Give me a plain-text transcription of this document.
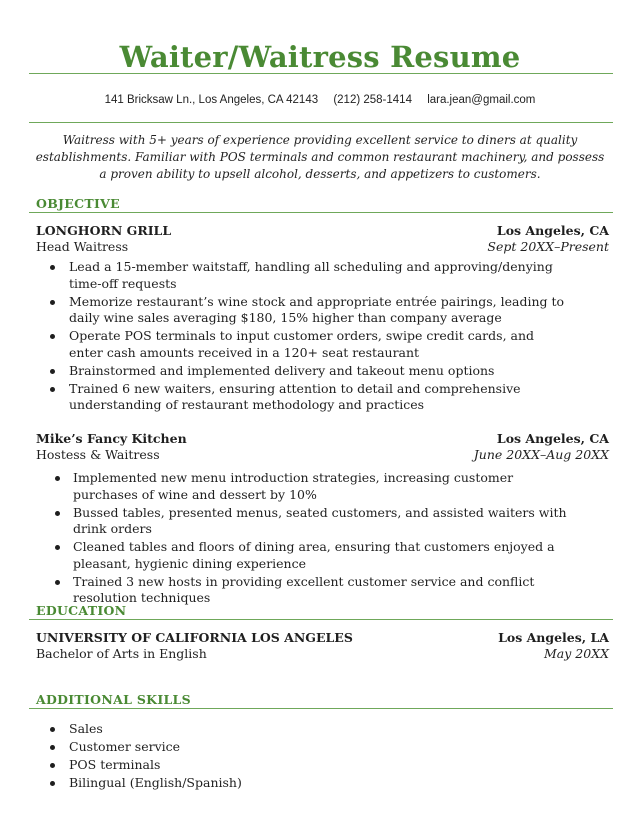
Waiter/Waitress Resume
141 Bricksaw Ln., Los Angeles, CA 42143 (212) 258-1414 lara.jean@gmail.com
Waitress with 5+ years of experience providing excellent service to diners at quality establishments. Familiar with POS terminals and common restaurant machinery, and possess a proven ability to upsell alcohol, desserts, and appetizers to customers.
OBJECTIVE
LONGHORN GRILL	Los Angeles, CA
Head Waitress	Sept 20XX–Present
Lead a 15-member waitstaff, handling all scheduling and approving/denying time-off requests
Memorize restaurant’s wine stock and appropriate entrée pairings, leading to daily wine sales averaging $180, 15% higher than company average
Operate POS terminals to input customer orders, swipe credit cards, and enter cash amounts received in a 120+ seat restaurant
Brainstormed and implemented delivery and takeout menu options
Trained 6 new waiters, ensuring attention to detail and comprehensive understanding of restaurant methodology and practices
Mike’s Fancy Kitchen	Los Angeles, CA
Hostess & Waitress	June 20XX–Aug 20XX
Implemented new menu introduction strategies, increasing customer purchases of wine and dessert by 10%
Bussed tables, presented menus, seated customers, and assisted waiters with drink orders
Cleaned tables and floors of dining area, ensuring that customers enjoyed a pleasant, hygienic dining experience
Trained 3 new hosts in providing excellent customer service and conflict resolution techniques
EDUCATION
UNIVERSITY OF CALIFORNIA LOS ANGELES	Los Angeles, LA
Bachelor of Arts in English	May 20XX
ADDITIONAL SKILLS
Sales
Customer service
POS terminals
Bilingual (English/Spanish)
